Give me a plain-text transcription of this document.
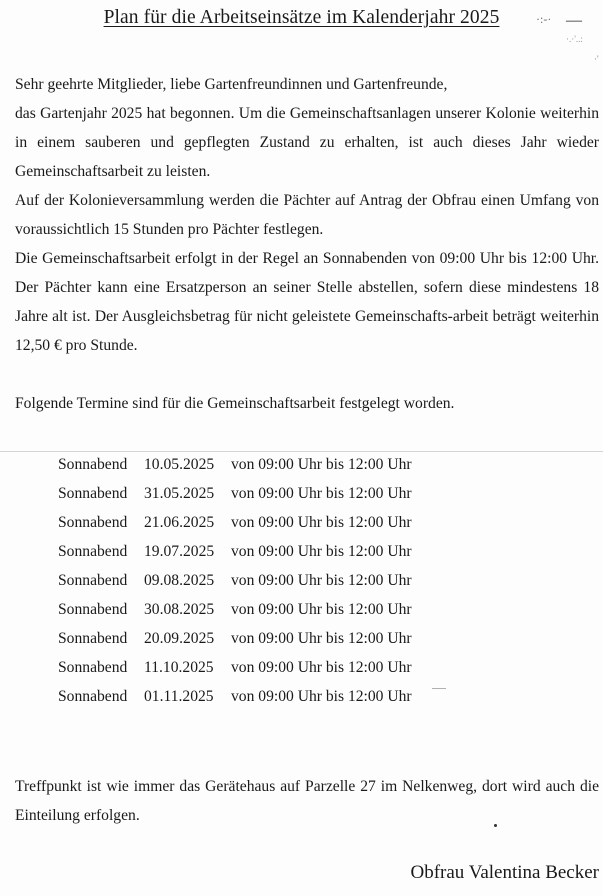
Plan für die Arbeitseinsätze im Kalenderjahr 2025	·:-· —
·.·'..:
·'

Sehr geehrte Mitglieder, liebe Gartenfreundinnen und Gartenfreunde,

das Gartenjahr 2025 hat begonnen. Um die Gemeinschaftsanlagen unserer Kolonie weiterhin in einem sauberen und gepflegten Zustand zu erhalten, ist auch dieses Jahr wieder Gemeinschaftsarbeit zu leisten.

Auf der Kolonieversammlung werden die Pächter auf Antrag der Obfrau einen Umfang von voraussichtlich 15 Stunden pro Pächter festlegen.

Die Gemeinschaftsarbeit erfolgt in der Regel an Sonnabenden von 09:00 Uhr bis 12:00 Uhr. Der Pächter kann eine Ersatzperson an seiner Stelle abstellen, sofern diese mindestens 18 Jahre alt ist. Der Ausgleichsbetrag für nicht geleistete Gemeinschafts-arbeit beträgt weiterhin 12,50 € pro Stunde.

Folgende Termine sind für die Gemeinschaftsarbeit festgelegt worden.

Sonnabend	10.05.2025	von 09:00 Uhr bis 12:00 Uhr
Sonnabend	31.05.2025	von 09:00 Uhr bis 12:00 Uhr
Sonnabend	21.06.2025	von 09:00 Uhr bis 12:00 Uhr
Sonnabend	19.07.2025	von 09:00 Uhr bis 12:00 Uhr
Sonnabend	09.08.2025	von 09:00 Uhr bis 12:00 Uhr
Sonnabend	30.08.2025	von 09:00 Uhr bis 12:00 Uhr
Sonnabend	20.09.2025	von 09:00 Uhr bis 12:00 Uhr
Sonnabend	11.10.2025	von 09:00 Uhr bis 12:00 Uhr
Sonnabend	01.11.2025	von 09:00 Uhr bis 12:00 Uhr

Treffpunkt ist wie immer das Gerätehaus auf Parzelle 27 im Nelkenweg, dort wird auch die Einteilung erfolgen.

Obfrau Valentina Becker
